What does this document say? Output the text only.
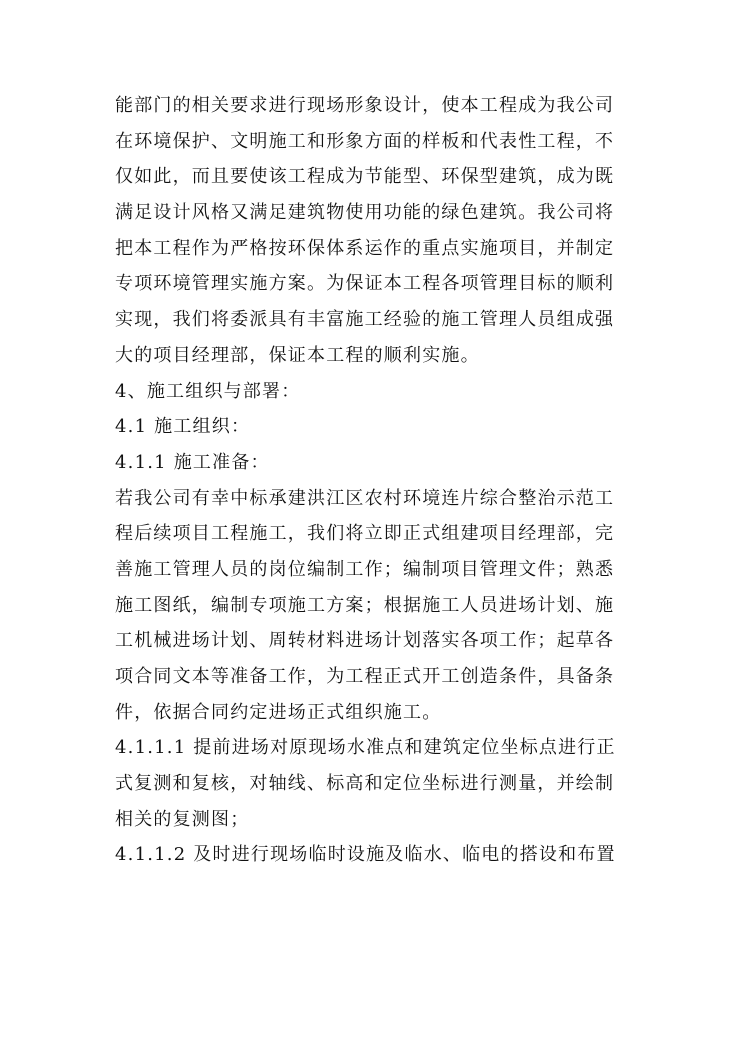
能部门的相关要求进行现场形象设计，使本工程成为我公司
在环境保护、文明施工和形象方面的样板和代表性工程，不
仅如此，而且要使该工程成为节能型、环保型建筑，成为既
满足设计风格又满足建筑物使用功能的绿色建筑。我公司将
把本工程作为严格按环保体系运作的重点实施项目，并制定
专项环境管理实施方案。为保证本工程各项管理目标的顺利
实现，我们将委派具有丰富施工经验的施工管理人员组成强
大的项目经理部，保证本工程的顺利实施。
4、施工组织与部署：
4.1 施工组织：
4.1.1 施工准备：
若我公司有幸中标承建洪江区农村环境连片综合整治示范工
程后续项目工程施工，我们将立即正式组建项目经理部，完
善施工管理人员的岗位编制工作；编制项目管理文件；熟悉
施工图纸，编制专项施工方案；根据施工人员进场计划、施
工机械进场计划、周转材料进场计划落实各项工作；起草各
项合同文本等准备工作，为工程正式开工创造条件，具备条
件，依据合同约定进场正式组织施工。
4.1.1.1 提前进场对原现场水准点和建筑定位坐标点进行正
式复测和复核，对轴线、标高和定位坐标进行测量，并绘制
相关的复测图；
4.1.1.2 及时进行现场临时设施及临水、临电的搭设和布置
